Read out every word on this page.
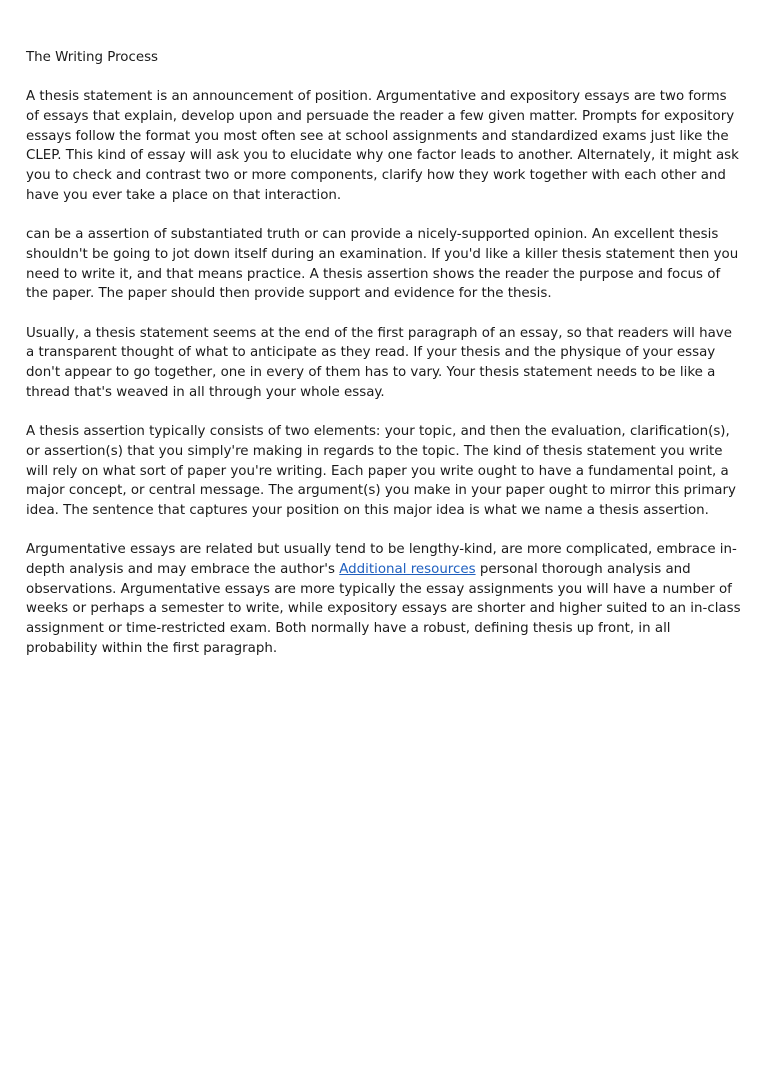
The Writing Process

A thesis statement is an announcement of position. Argumentative and expository essays are two forms of essays that explain, develop upon and persuade the reader a few given matter. Prompts for expository essays follow the format you most often see at school assignments and standardized exams just like the CLEP. This kind of essay will ask you to elucidate why one factor leads to another. Alternately, it might ask you to check and contrast two or more components, clarify how they work together with each other and have you ever take a place on that interaction.

can be a assertion of substantiated truth or can provide a nicely-supported opinion. An excellent thesis shouldn't be going to jot down itself during an examination. If you'd like a killer thesis statement then you need to write it, and that means practice. A thesis assertion shows the reader the purpose and focus of the paper. The paper should then provide support and evidence for the thesis.

Usually, a thesis statement seems at the end of the first paragraph of an essay, so that readers will have a transparent thought of what to anticipate as they read. If your thesis and the physique of your essay don't appear to go together, one in every of them has to vary. Your thesis statement needs to be like a thread that's weaved in all through your whole essay.

A thesis assertion typically consists of two elements: your topic, and then the evaluation, clarification(s), or assertion(s) that you simply're making in regards to the topic. The kind of thesis statement you write will rely on what sort of paper you're writing. Each paper you write ought to have a fundamental point, a major concept, or central message. The argument(s) you make in your paper ought to mirror this primary idea. The sentence that captures your position on this major idea is what we name a thesis assertion.

Argumentative essays are related but usually tend to be lengthy-kind, are more complicated, embrace in-depth analysis and may embrace the author's Additional resources personal thorough analysis and observations. Argumentative essays are more typically the essay assignments you will have a number of weeks or perhaps a semester to write, while expository essays are shorter and higher suited to an in-class assignment or time-restricted exam. Both normally have a robust, defining thesis up front, in all probability within the first paragraph.
